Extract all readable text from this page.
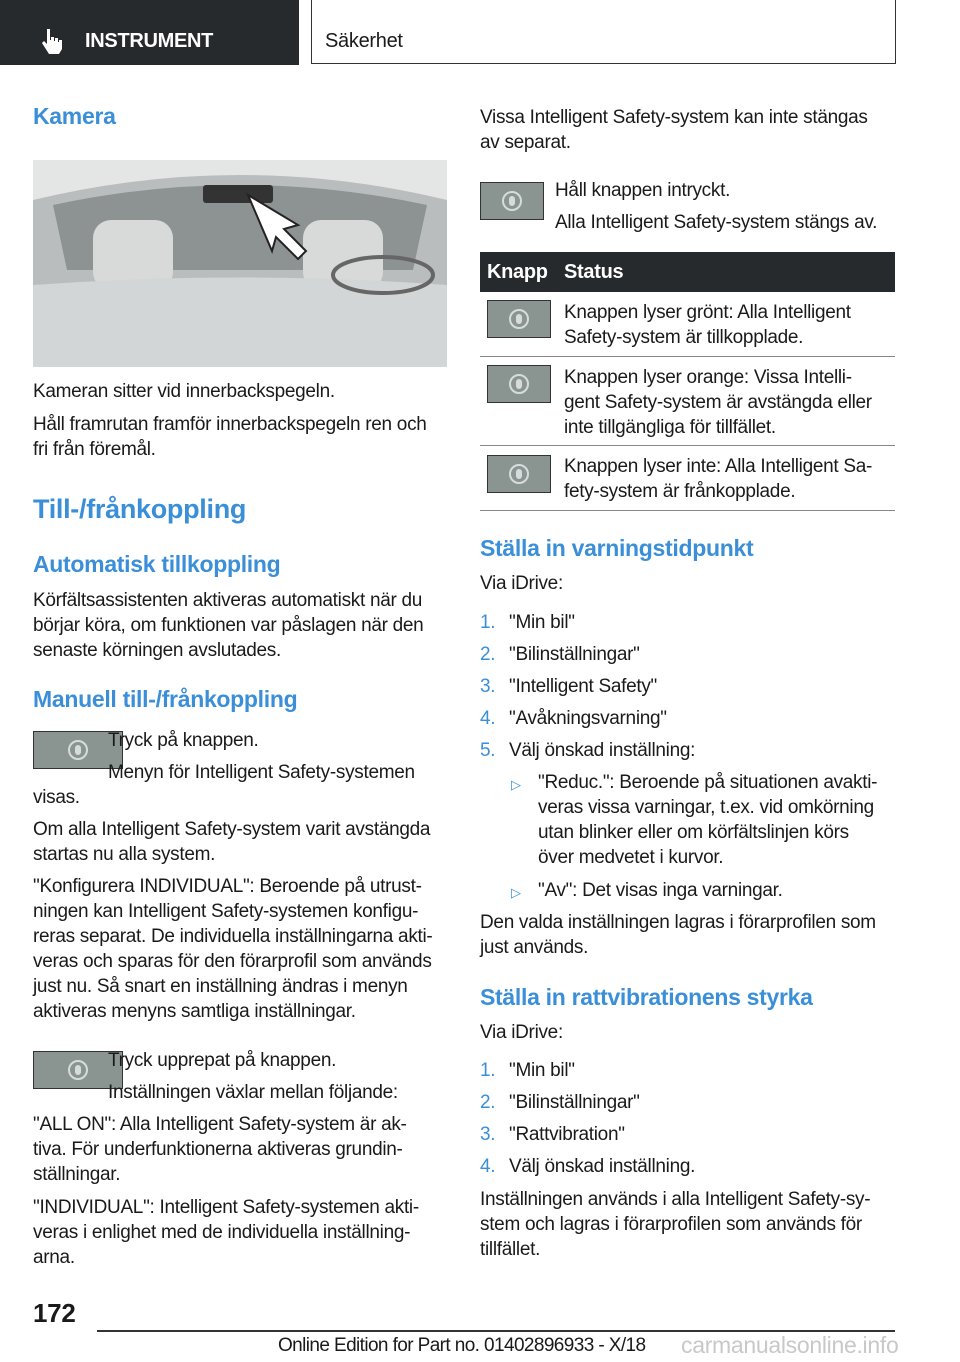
INSTRUMENT	Säkerhet
Kamera
Kameran sitter vid innerbackspegeln.
Håll framrutan framför innerbackspegeln ren och
fri från föremål.
Till-/frånkoppling
Automatisk tillkoppling
Körfältsassistenten aktiveras automatiskt när du
börjar köra, om funktionen var påslagen när den
senaste körningen avslutades.
Manuell till-/frånkoppling
Tryck på knappen.
Menyn för Intelligent Safety-systemen
visas.
Om alla Intelligent Safety-system varit avstängda
startas nu alla system.
"Konfigurera INDIVIDUAL": Beroende på utrust-
ningen kan Intelligent Safety-systemen konfigu-
reras separat. De individuella inställningarna akti-
veras och sparas för den förarprofil som används
just nu. Så snart en inställning ändras i menyn
aktiveras menyns samtliga inställningar.
Tryck upprepat på knappen.
Inställningen växlar mellan följande:
"ALL ON": Alla Intelligent Safety-system är ak-
tiva. För underfunktionerna aktiveras grundin-
ställningar.
"INDIVIDUAL": Intelligent Safety-systemen akti-
veras i enlighet med de individuella inställning-
arna.
Vissa Intelligent Safety-system kan inte stängas
av separat.
Håll knappen intryckt.
Alla Intelligent Safety-system stängs av.
Knapp Status
Knappen lyser grönt: Alla Intelligent
Safety-system är tillkopplade.
Knappen lyser orange: Vissa Intelli-
gent Safety-system är avstängda eller
inte tillgängliga för tillfället.
Knappen lyser inte: Alla Intelligent Sa-
fety-system är frånkopplade.
Ställa in varningstidpunkt
Via iDrive:
1. "Min bil"
2. "Bilinställningar"
3. "Intelligent Safety"
4. "Avåkningsvarning"
5. Välj önskad inställning:
▷ "Reduc.": Beroende på situationen avakti-
veras vissa varningar, t.ex. vid omkörning
utan blinker eller om körfältslinjen körs
över medvetet i kurvor.
▷ "Av": Det visas inga varningar.
Den valda inställningen lagras i förarprofilen som
just används.
Ställa in rattvibrationens styrka
Via iDrive:
1. "Min bil"
2. "Bilinställningar"
3. "Rattvibration"
4. Välj önskad inställning.
Inställningen används i alla Intelligent Safety-sy-
stem och lagras i förarprofilen som används för
tillfället.
172
Online Edition for Part no. 01402896933 - X/18 carmanualsonline.info
